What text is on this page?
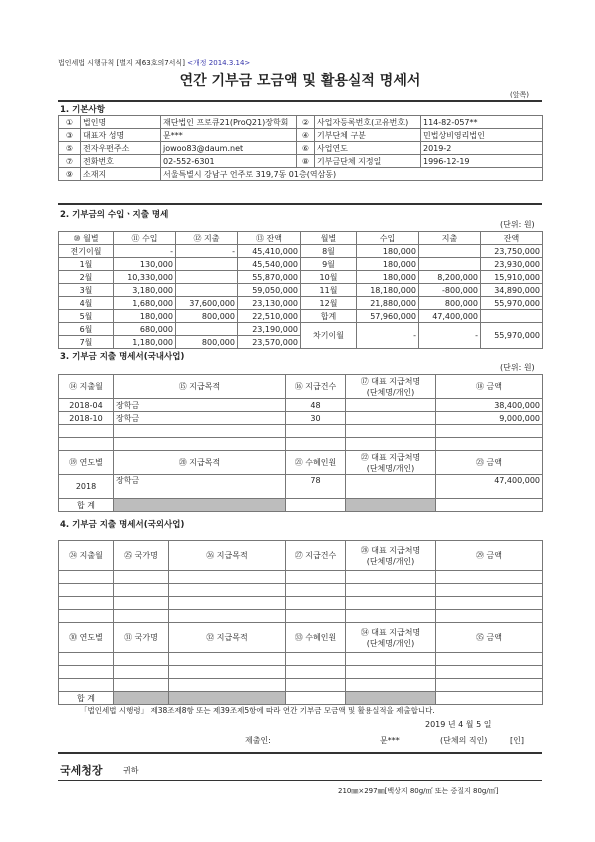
법인세법 시행규칙 [별지 제63호의7서식] <개정 2014.3.14>
연간 기부금 모금액 및 활용실적 명세서
(앞쪽)
1. 기본사항
①	법인명	재단법인 프로큐21(ProQ21)장학회	②	사업자등록번호(고유번호)	114-82-057**
③	대표자 성명	문***	④	기부단체 구분	민법상비영리법인
⑤	전자우편주소	jowoo83@daum.net	⑥	사업연도	2019-2
⑦	전화번호	02-552-6301	⑧	기부금단체 지정일	1996-12-19
⑨	소재지	서울특별시 강남구 언주로 319,7동 01층(역삼동)			
2. 기부금의 수입ㆍ지출 명세
(단위: 원)
⑩ 월별	⑪ 수입	⑫ 지출	⑬ 잔액	월별	수입	지출	잔액
전기이월	-	-	45,410,000	8월	180,000		23,750,000
1월	130,000		45,540,000	9월	180,000		23,930,000
2월	10,330,000		55,870,000	10월	180,000	8,200,000	15,910,000
3월	3,180,000		59,050,000	11월	18,180,000	-800,000	34,890,000
4월	1,680,000	37,600,000	23,130,000	12월	21,880,000	800,000	55,970,000
5월	180,000	800,000	22,510,000	합계	57,960,000	47,400,000	
6월	680,000		23,190,000	차기이월	-	-	55,970,000
7월	1,180,000	800,000	23,570,000				
3. 기부금 지출 명세서(국내사업)
(단위: 원)
⑭ 지출월	⑮ 지급목적	⑯ 지급건수	⑰ 대표 지급처명
(단체명/개인)	⑱ 금액
2018-04	장학금	48		38,400,000
2018-10	장학금	30		9,000,000

⑲ 연도별	⑳ 지급목적	㉑ 수혜인원	㉒ 대표 지급처명
(단체명/개인)	㉓ 금액
2018	장학금	78		47,400,000
합 계				
4. 기부금 지출 명세서(국외사업)
㉔ 지출월	㉕ 국가명	㉖ 지급목적	㉗ 지급건수	㉘ 대표 지급처명
(단체명/개인)	㉙ 금액

㉚ 연도별	㉛ 국가명	㉜ 지급목적	㉝ 수혜인원	㉞ 대표 지급처명
(단체명/개인)	㉟ 금액

합 계					
「법인세법 시행령」 제38조제8항 또는 제39조제5항에 따라 연간 기부금 모금액 및 활용실적을 제출합니다.
2019 년 4 월 5 일
제출인:	문***	(단체의 직인)	[인]
국세청장	귀하
210㎜×297㎜[백상지 80g/㎡ 또는 중질지 80g/㎡]
